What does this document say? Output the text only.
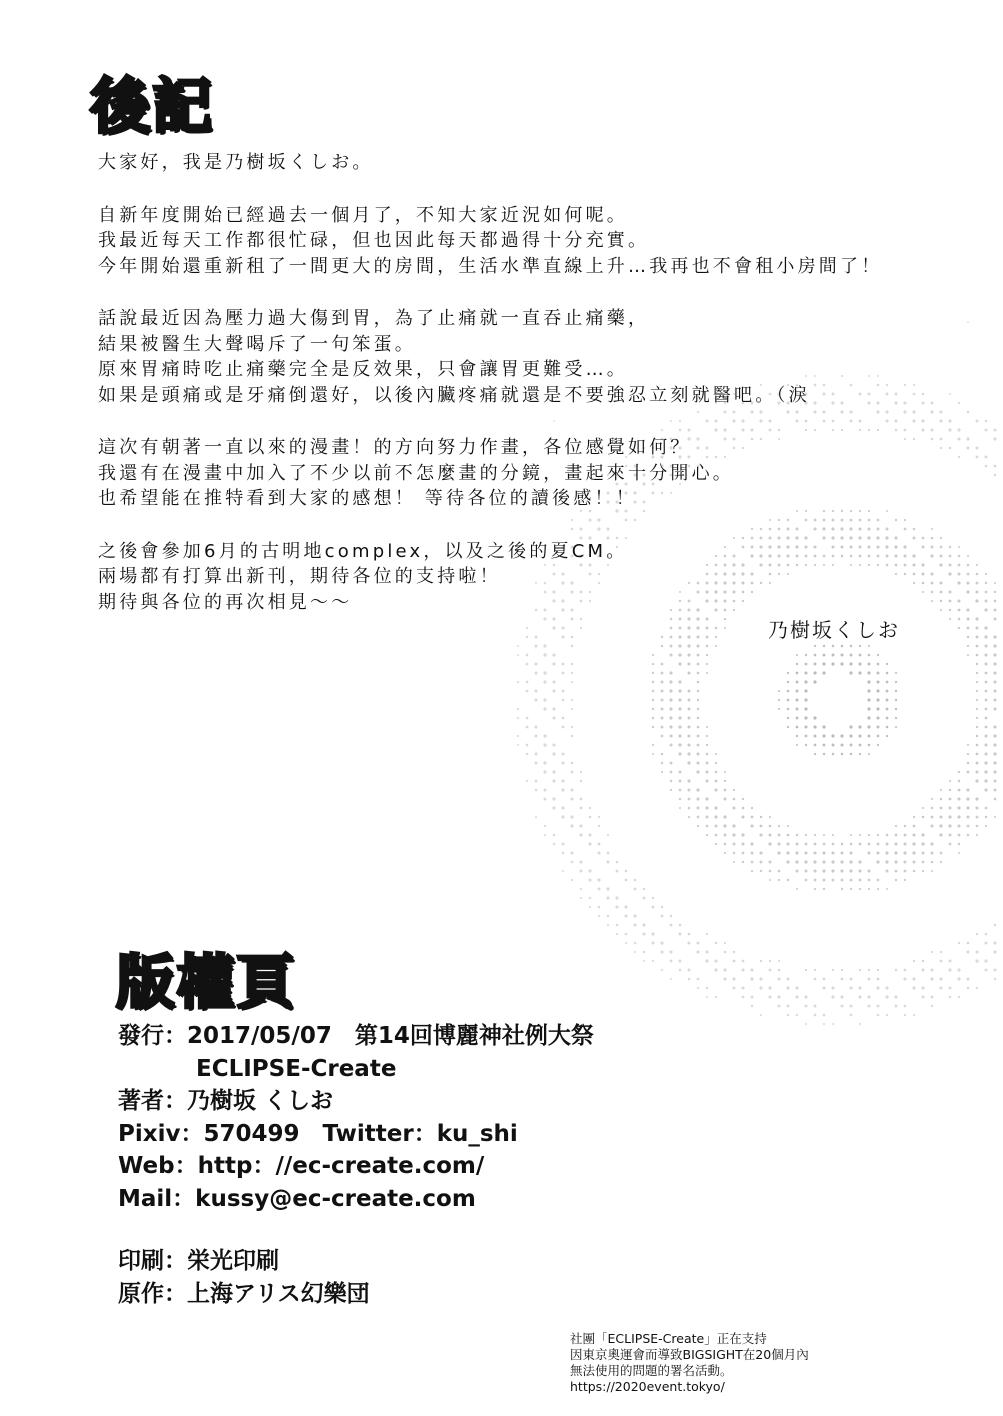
後記

大家好，我是乃樹坂くしお。

自新年度開始已經過去一個月了，不知大家近況如何呢。
我最近每天工作都很忙碌，但也因此每天都過得十分充實。
今年開始還重新租了一間更大的房間，生活水準直線上升…我再也不會租小房間了！

話說最近因為壓力過大傷到胃，為了止痛就一直吞止痛藥，
結果被醫生大聲喝斥了一句笨蛋。
原來胃痛時吃止痛藥完全是反效果，只會讓胃更難受…。
如果是頭痛或是牙痛倒還好，以後內臟疼痛就還是不要強忍立刻就醫吧。（淚

這次有朝著一直以來的漫畫！的方向努力作畫，各位感覺如何？
我還有在漫畫中加入了不少以前不怎麼畫的分鏡，畫起來十分開心。
也希望能在推特看到大家的感想！ 等待各位的讀後感！！

之後會參加6月的古明地complex，以及之後的夏CM。
兩場都有打算出新刊，期待各位的支持啦！
期待與各位的再次相見～～

乃樹坂くしお
版權頁
發行：2017/05/07　第14回博麗神社例大祭
ECLIPSE-Create
著者：乃樹坂 くしお
Pixiv：570499　Twitter：ku_shi
Web：http：//ec-create.com/
Mail：kussy@ec-create.com
印刷：栄光印刷
原作：上海アリス幻樂団
社團「ECLIPSE-Create」正在支持
因東京奧運會而導致BIGSIGHT在20個月內
無法使用的問題的署名活動。
https://2020event.tokyo/
